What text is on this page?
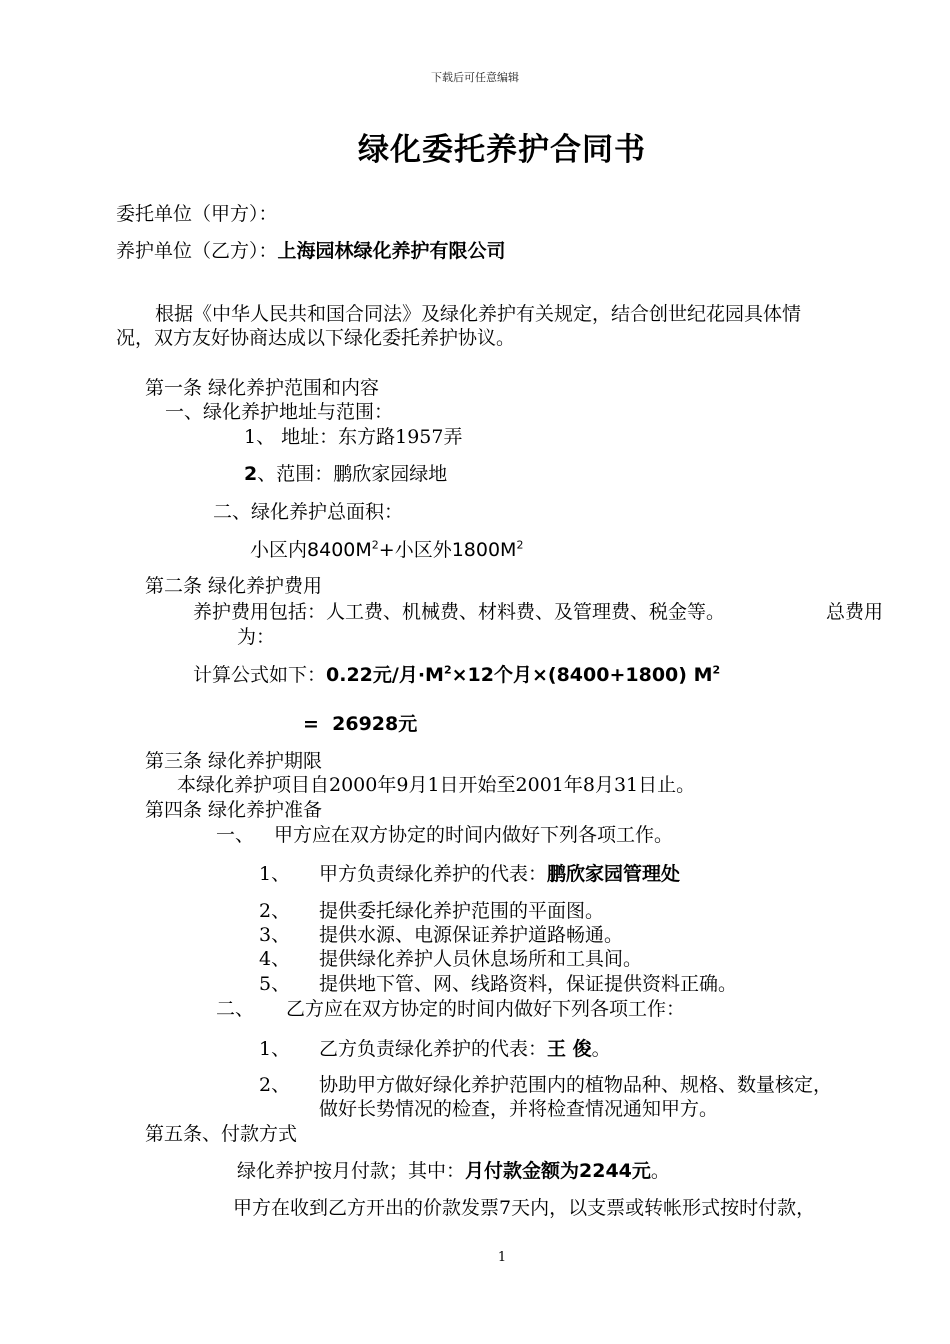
下载后可任意编辑
绿化委托养护合同书
委托单位（甲方）：
养护单位（乙方）：上海园林绿化养护有限公司
根据《中华人民共和国合同法》及绿化养护有关规定，结合创世纪花园具体情
况，双方友好协商达成以下绿化委托养护协议。
第一条 绿化养护范围和内容
一、绿化养护地址与范围：
1、 地址：东方路1957弄
2、范围：鹏欣家园绿地
二、绿化养护总面积：
小区内$8400M^2+$小区外$1800M^2$
第二条 绿化养护费用
养护费用包括：人工费、机械费、材料费、及管理费、税金等。	总费用
为：
计算公式如下：0.22元/月$\cdot M^2\times 12$个月×(8400+1800) $M^2$
=  26928元
第三条 绿化养护期限
本绿化养护项目自2000年9月1日开始至2001年8月31日止。
第四条 绿化养护准备
一、 甲方应在双方协定的时间内做好下列各项工作。
1、 甲方负责绿化养护的代表：鹏欣家园管理处
2、 提供委托绿化养护范围的平面图。
3、 提供水源、电源保证养护道路畅通。
4、 提供绿化养护人员休息场所和工具间。
5、 提供地下管、网、线路资料，保证提供资料正确。
二、 乙方应在双方协定的时间内做好下列各项工作：
1、 乙方负责绿化养护的代表：王 俊。
2、 协助甲方做好绿化养护范围内的植物品种、规格、数量核定，
做好长势情况的检查，并将检查情况通知甲方。
第五条、付款方式
绿化养护按月付款；其中：月付款金额为2244元。
甲方在收到乙方开出的价款发票7天内，以支票或转帐形式按时付款，
1
